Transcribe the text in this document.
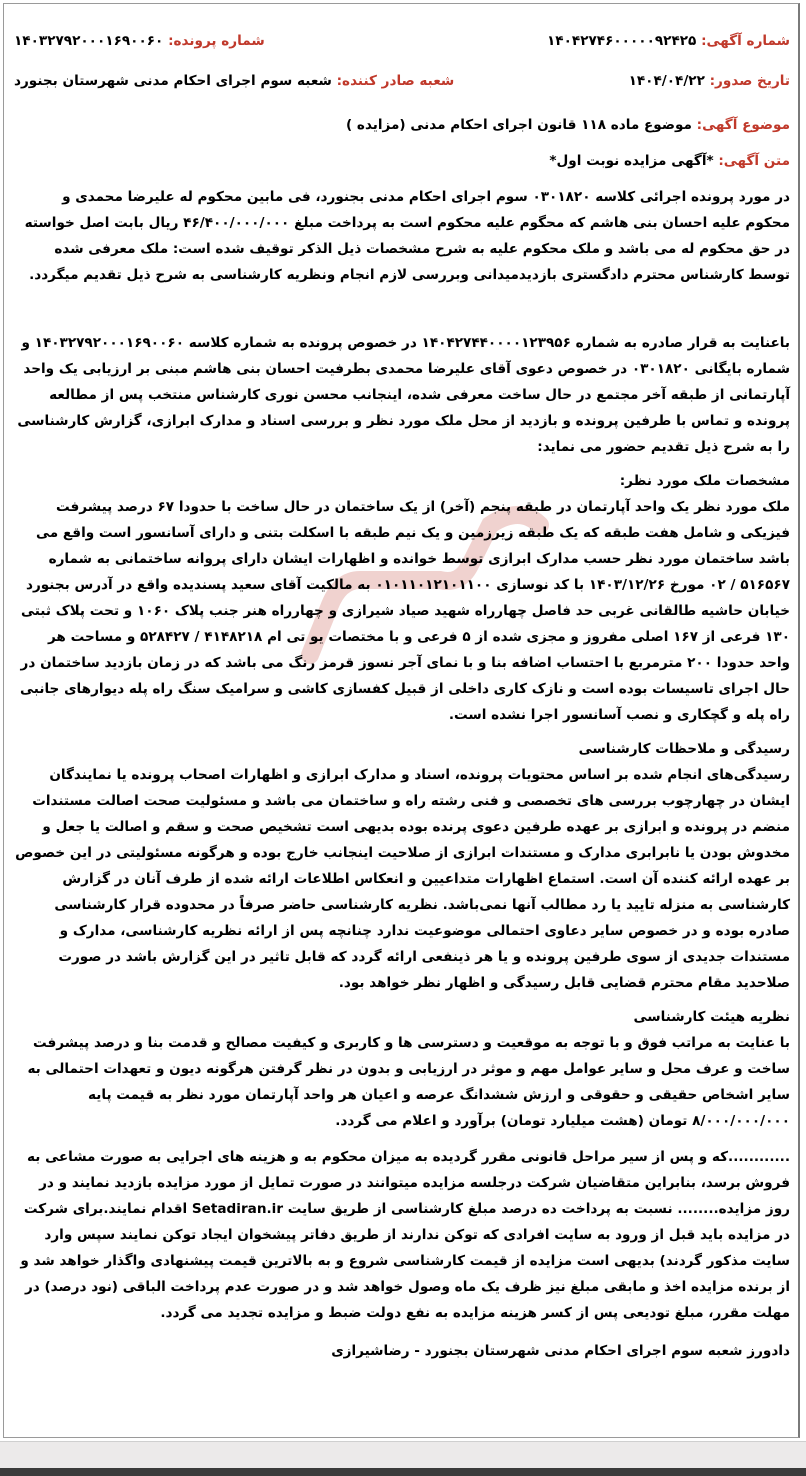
شماره آگهی: ۱۴۰۴۲۷۴۶۰۰۰۰۰۹۲۴۲۵
شماره پرونده: ۱۴۰۳۲۷۹۲۰۰۰۱۶۹۰۰۶۰
تاریخ صدور: ۱۴۰۴/۰۴/۲۲
شعبه صادر کننده: شعبه سوم اجرای احکام مدنی شهرستان بجنورد
موضوع آگهی: موضوع ماده ۱۱۸ قانون اجرای احکام مدنی (مزایده )
متن آگهی: *آگهی مزایده نوبت اول*

در مورد پرونده اجرائی کلاسه ۰۳۰۱۸۲۰ سوم اجرای احکام مدنی بجنورد، فی مابین محکوم له علیرضا محمدی و محکوم علیه احسان بنی هاشم که محگوم علیه محکوم است به پرداخت مبلغ ۴۶/۴۰۰/۰۰۰/۰۰۰ ریال بابت اصل خواسته در حق محکوم له می باشد و ملک محکوم علیه به شرح مشخصات ذیل الذکر توقیف شده است: ملک معرفی شده توسط کارشناس محترم دادگستری بازدیدمیدانی وبررسی لازم انجام ونظریه کارشناسی به شرح ذیل تقدیم میگردد.

باعنایت به قرار صادره به شماره ۱۴۰۴۲۷۴۴۰۰۰۰۱۲۳۹۵۶ در خصوص پرونده به شماره کلاسه ۱۴۰۳۲۷۹۲۰۰۰۱۶۹۰۰۶۰ و شماره بایگانی ۰۳۰۱۸۲۰ در خصوص دعوی آقای علیرضا محمدی بطرفیت احسان بنی هاشم مبنی بر ارزیابی یک واحد آپارتمانی از طبقه آخر مجتمع در حال ساخت معرفی شده، اینجانب محسن نوری کارشناس منتخب پس از مطالعه پرونده و تماس با طرفین پرونده و بازدید از محل ملک مورد نظر و بررسی اسناد و مدارک ابرازی، گزارش کارشناسی را به شرح ذیل تقدیم حضور می نماید:

مشخصات ملک مورد نظر:

ملک مورد نظر یک واحد آپارتمان در طبقه پنجم (آخر) از یک ساختمان در حال ساخت با حدودا ۶۷ درصد پیشرفت فیزیکی و شامل هفت طبقه که یک طبقه زیرزمین و یک نیم طبقه با اسکلت بتنی و دارای آسانسور است واقع می باشد ساختمان مورد نظر حسب مدارک ابرازی توسط خوانده و اظهارات ایشان دارای پروانه ساختمانی به شماره ۵۱۶۵۶۷ / ۰۲ مورخ ۱۴۰۳/۱۲/۲۶ با کد نوسازی ۰۱۰۱۱۰۱۲۱۰۱۱۰۰ به مالکیت آقای سعید پسندیده واقع در آدرس بجنورد خیابان حاشیه طالقانی غربی حد فاصل چهارراه شهید صیاد شیرازی و چهارراه هنر جنب پلاک ۱۰۶۰ و تحت پلاک ثبتی ۱۳۰ فرعی از ۱۶۷ اصلی مفروز و مجزی شده از ۵ فرعی و با مختصات یو تی ام ۴۱۴۸۲۱۸ / ۵۲۸۴۲۷ و مساحت هر واحد حدودا ۲۰۰ مترمربع با احتساب اضافه بنا و با نمای آجر نسوز قرمز رنگ می باشد که در زمان بازدید ساختمان در حال اجرای تاسیسات بوده است و نازک کاری داخلی از قبیل کفسازی کاشی و سرامیک سنگ راه پله دیوارهای جانبی راه پله و گچکاری و نصب آسانسور اجرا نشده است.

رسیدگی و ملاحظات کارشناسی

رسیدگی‌های انجام شده بر اساس محتویات پرونده، اسناد و مدارک ابرازی و اظهارات اصحاب پرونده یا نمایندگان ایشان در چهارچوب بررسی های تخصصی و فنی رشته راه و ساختمان می باشد و مسئولیت صحت اصالت مستندات منضم در پرونده و ابرازی بر عهده طرفین دعوی پرنده بوده بدیهی است تشخیص صحت و سقم و اصالت یا جعل و مخدوش بودن یا نابرابری مدارک و مستندات ابرازی از صلاحیت اینجانب خارج بوده و هرگونه مسئولیتی در این خصوص بر عهده ارائه کننده آن است. استماع اظهارات متداعیین و انعکاس اطلاعات ارائه شده از طرف آنان در گزارش کارشناسی به منزله تایید یا رد مطالب آنها نمی‌باشد. نظریه کارشناسی حاضر صرفاً در محدوده قرار کارشناسی صادره بوده و در خصوص سایر دعاوی احتمالی موضوعیت ندارد چنانچه پس از ارائه نظریه کارشناسی، مدارک و مستندات جدیدی از سوی طرفین پرونده و یا هر ذینفعی ارائه گردد که قابل تاثیر در این گزارش باشد در صورت صلاحدید مقام محترم قضایی قابل رسیدگی و اظهار نظر خواهد بود.

نظریه هیئت کارشناسی

با عنایت به مراتب فوق و با توجه به موقعیت و دسترسی ها و کاربری و کیفیت مصالح و قدمت بنا و درصد پیشرفت ساخت و عرف محل و سایر عوامل مهم و موثر در ارزیابی و بدون در نظر گرفتن هرگونه دیون و تعهدات احتمالی به سایر اشخاص حقیقی و حقوقی و ارزش ششدانگ عرصه و اعیان هر واحد آپارتمان مورد نظر به قیمت پایه ۸/۰۰۰/۰۰۰/۰۰۰ تومان (هشت میلیارد تومان) برآورد و اعلام می گردد.

............که و پس از سیر مراحل قانونی مقرر گردیده به میزان محکوم به و هزینه های اجرایی به صورت مشاعی به فروش برسد، بنابراین متقاضیان شرکت درجلسه مزایده میتوانند در صورت تمایل از مورد مزایده بازدید نمایند و در روز مزایده........ نسبت به پرداخت ده درصد مبلغ کارشناسی از طریق سایت Setadiran.ir اقدام نمایند.برای شرکت در مزایده باید قبل از ورود به سایت افرادی که توکن ندارند از طریق دفاتر پیشخوان ایجاد توکن نمایند سپس وارد سایت مذکور گردند) بدیهی است مزایده از قیمت کارشناسی شروع و به بالاترین قیمت پیشنهادی واگذار خواهد شد و از برنده مزایده اخذ و مابقی مبلغ نیز ظرف یک ماه وصول خواهد شد و در صورت عدم پرداخت الباقی (نود درصد) در مهلت مقرر، مبلغ تودیعی پس از کسر هزینه مزایده به نفع دولت ضبط و مزایده تجدید می گردد.

دادورز شعبه سوم اجرای احکام مدنی شهرستان بجنورد - رضاشیرازی
